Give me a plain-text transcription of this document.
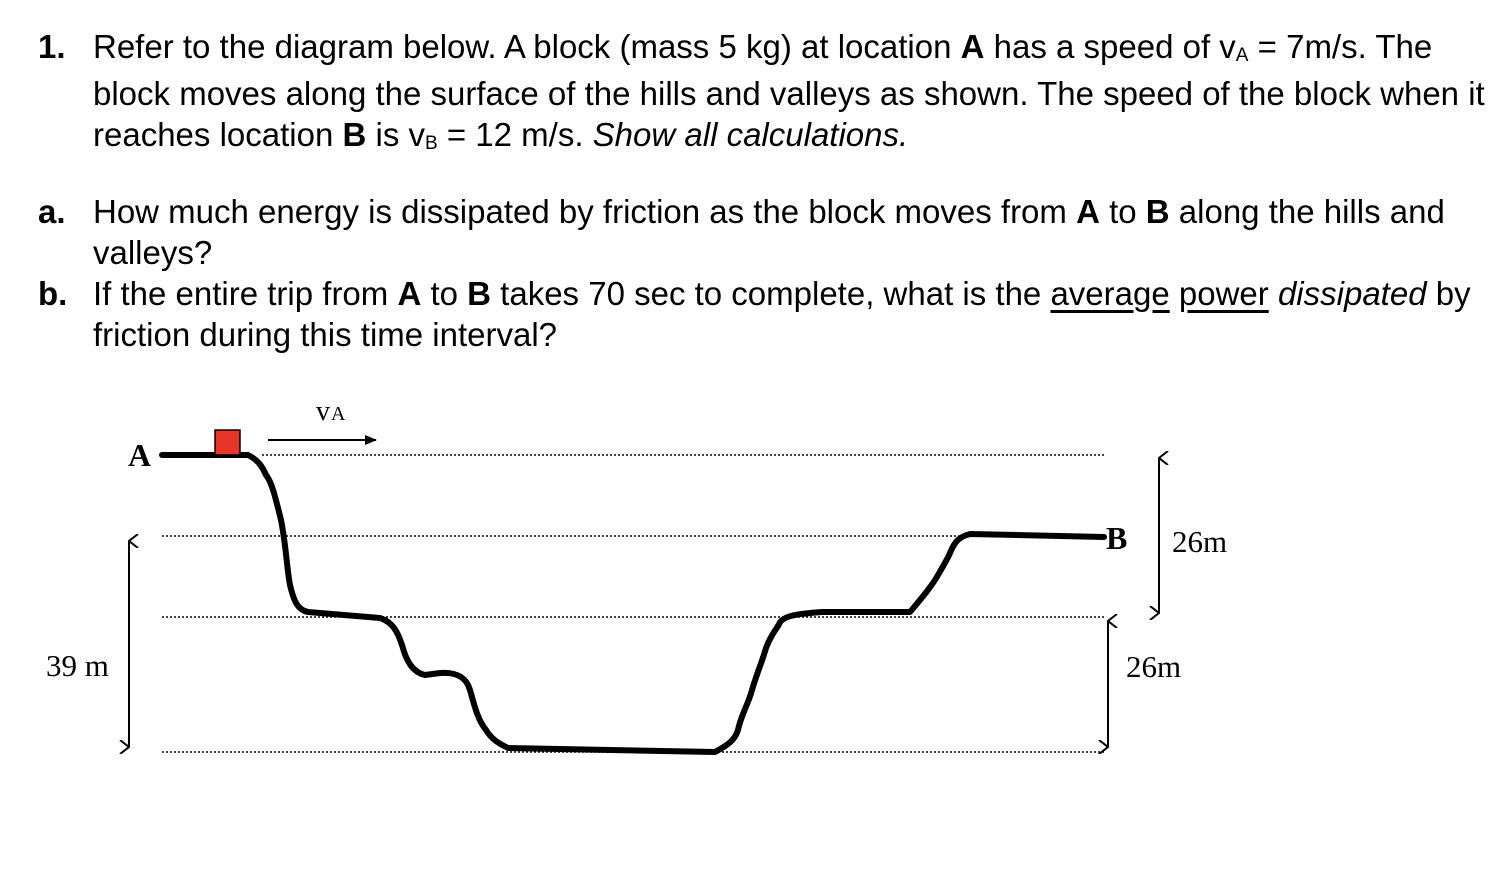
1. Refer to the diagram below. A block (mass 5 kg) at location A has a speed of vA = 7m/s. The block moves along the surface of the hills and valleys as shown. The speed of the block when it reaches location B is vB = 12 m/s. Show all calculations.
a. How much energy is dissipated by friction as the block moves from A to B along the hills and valleys?
b. If the entire trip from A to B takes 70 sec to complete, what is the average power dissipated by friction during this time interval?
vA
A
B
39 m
26m
26m
